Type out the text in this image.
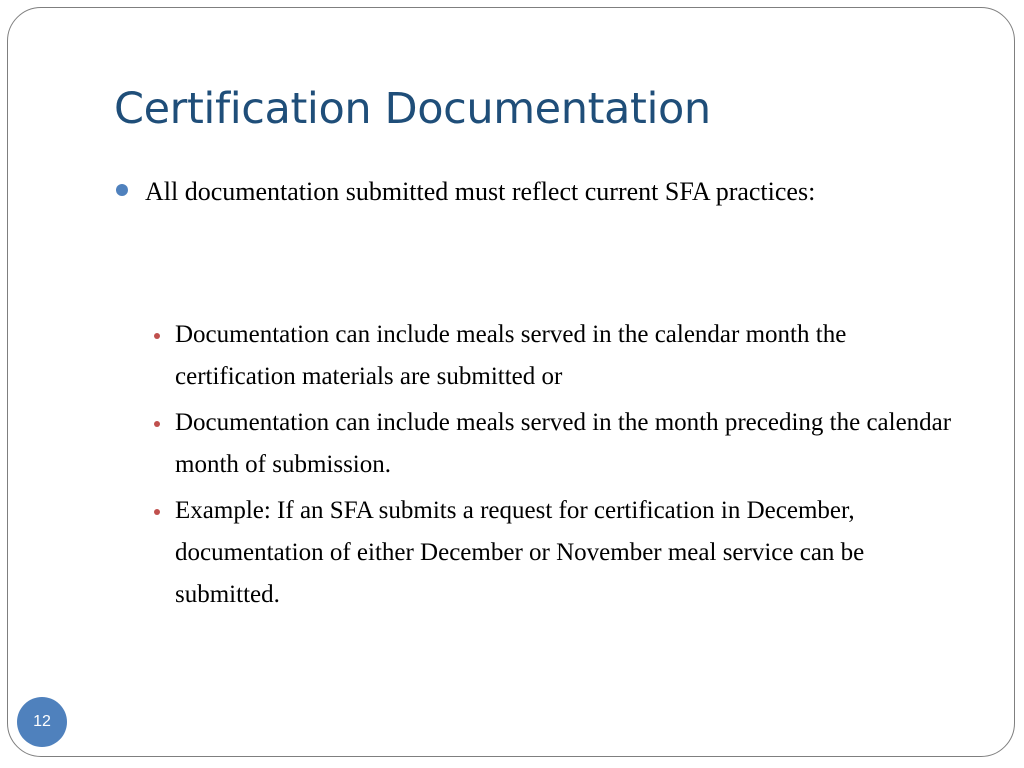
Certification Documentation

All documentation submitted must reflect current SFA practices:

Documentation can include meals served in the calendar month the certification materials are submitted or
Documentation can include meals served in the month preceding the calendar month of submission.
Example: If an SFA submits a request for certification in December, documentation of either December or November meal service can be submitted.
12
